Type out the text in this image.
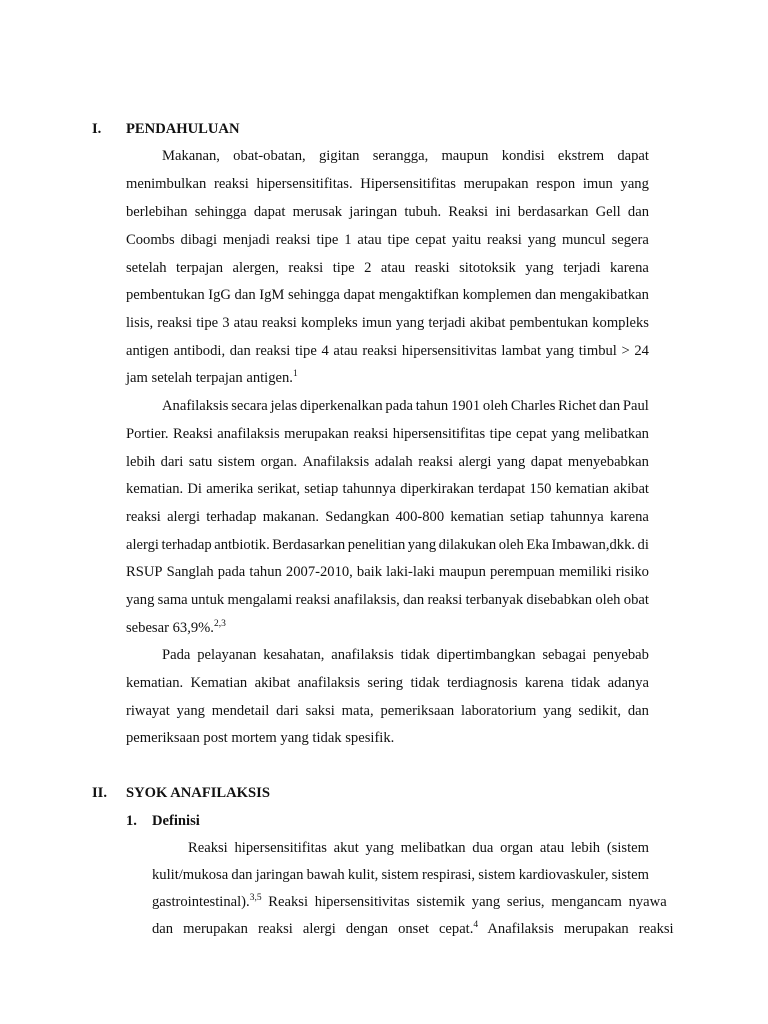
I. PENDAHULUAN
Makanan, obat-obatan, gigitan serangga, maupun kondisi ekstrem dapat
menimbulkan reaksi hipersensitifitas. Hipersensitifitas merupakan respon imun yang
berlebihan sehingga dapat merusak jaringan tubuh. Reaksi ini berdasarkan Gell dan
Coombs dibagi menjadi reaksi tipe 1 atau tipe cepat yaitu reaksi yang muncul segera
setelah terpajan alergen, reaksi tipe 2 atau reaski sitotoksik yang terjadi karena
pembentukan IgG dan IgM sehingga dapat mengaktifkan komplemen dan mengakibatkan
lisis, reaksi tipe 3 atau reaksi kompleks imun yang terjadi akibat pembentukan kompleks
antigen antibodi, dan reaksi tipe 4 atau reaksi hipersensitivitas lambat yang timbul > 24
jam setelah terpajan antigen.$^1$
Anafilaksis secara jelas diperkenalkan pada tahun 1901 oleh Charles Richet dan Paul
Portier. Reaksi anafilaksis merupakan reaksi hipersensitifitas tipe cepat yang melibatkan
lebih dari satu sistem organ. Anafilaksis adalah reaksi alergi yang dapat menyebabkan
kematian. Di amerika serikat, setiap tahunnya diperkirakan terdapat 150 kematian akibat
reaksi alergi terhadap makanan. Sedangkan 400-800 kematian setiap tahunnya karena
alergi terhadap antbiotik. Berdasarkan penelitian yang dilakukan oleh Eka Imbawan,dkk. di
RSUP Sanglah pada tahun 2007-2010, baik laki-laki maupun perempuan memiliki risiko
yang sama untuk mengalami reaksi anafilaksis, dan reaksi terbanyak disebabkan oleh obat
sebesar 63,9%.$^{2,3}$
Pada pelayanan kesahatan, anafilaksis tidak dipertimbangkan sebagai penyebab
kematian. Kematian akibat anafilaksis sering tidak terdiagnosis karena tidak adanya
riwayat yang mendetail dari saksi mata, pemeriksaan laboratorium yang sedikit, dan
pemeriksaan post mortem yang tidak spesifik.
II. SYOK ANAFILAKSIS
1. Definisi
Reaksi hipersensitifitas akut yang melibatkan dua organ atau lebih (sistem
kulit/mukosa dan jaringan bawah kulit, sistem respirasi, sistem kardiovaskuler, sistem
gastrointestinal).$^{3,5}$ Reaksi hipersensitivitas sistemik yang serius, mengancam nyawa
dan merupakan reaksi alergi dengan onset cepat.$^4$ Anafilaksis merupakan reaksi
